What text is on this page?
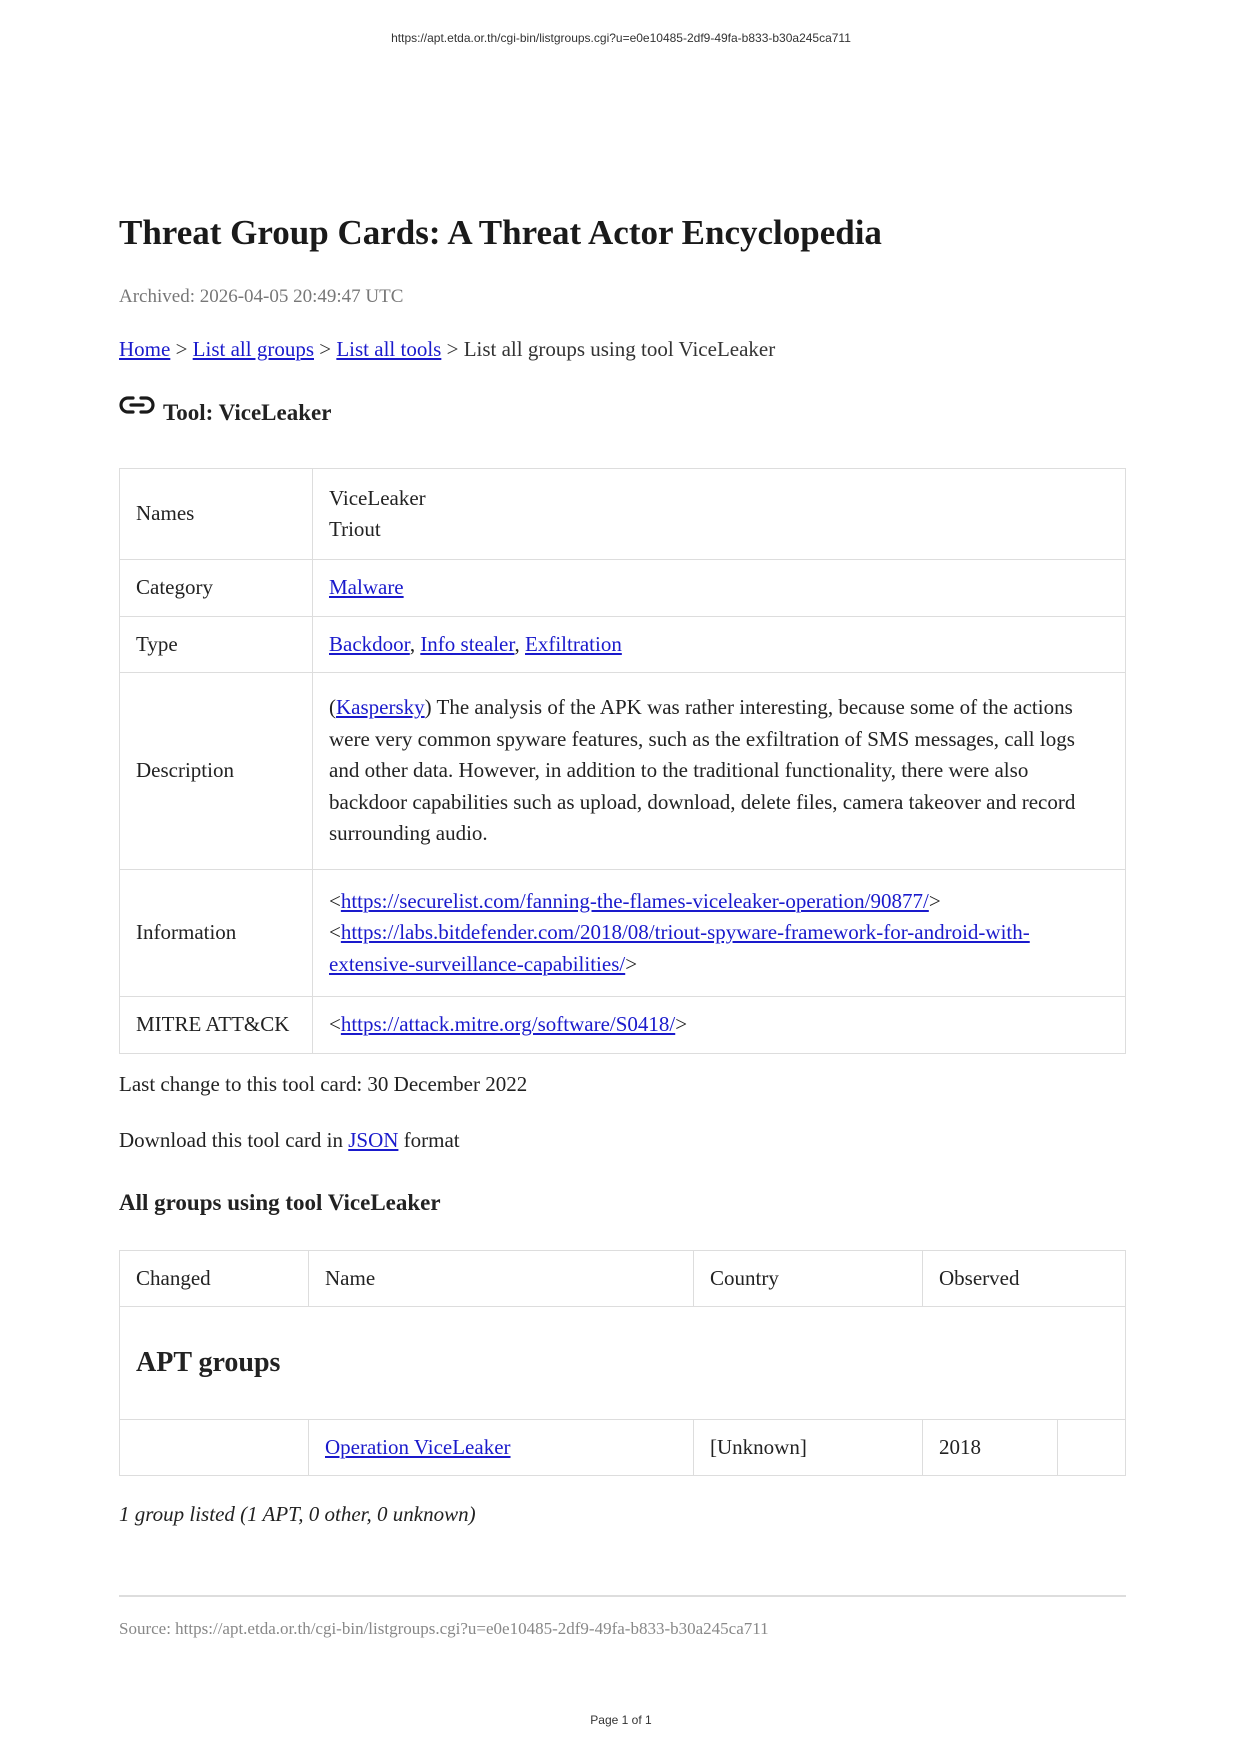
https://apt.etda.or.th/cgi-bin/listgroups.cgi?u=e0e10485-2df9-49fa-b833-b30a245ca711
Threat Group Cards: A Threat Actor Encyclopedia
Archived: 2026-04-05 20:49:47 UTC
Home > List all groups > List all tools > List all groups using tool ViceLeaker
Tool: ViceLeaker
Names	ViceLeaker
Triout

Category	Malware
Type	Backdoor, Info stealer, Exfiltration
Description	(Kaspersky) The analysis of the APK was rather interesting, because some of the actions were very common spyware features, such as the exfiltration of SMS messages, call logs and other data. However, in addition to the traditional functionality, there were also backdoor capabilities such as upload, download, delete files, camera takeover and record surrounding audio.
Information	<https://securelist.com/fanning-the-flames-viceleaker-operation/90877/>
<https://labs.bitdefender.com/2018/08/triout-spyware-framework-for-android-with-extensive-surveillance-capabilities/>

MITRE ATT&CK	<https://attack.mitre.org/software/S0418/>
Last change to this tool card: 30 December 2022
Download this tool card in JSON format
All groups using tool ViceLeaker
Changed	Name	Country	Observed	
APT groups				
	Operation ViceLeaker	[Unknown]	2018	
1 group listed (1 APT, 0 other, 0 unknown)
Source: https://apt.etda.or.th/cgi-bin/listgroups.cgi?u=e0e10485-2df9-49fa-b833-b30a245ca711
Page 1 of 1
